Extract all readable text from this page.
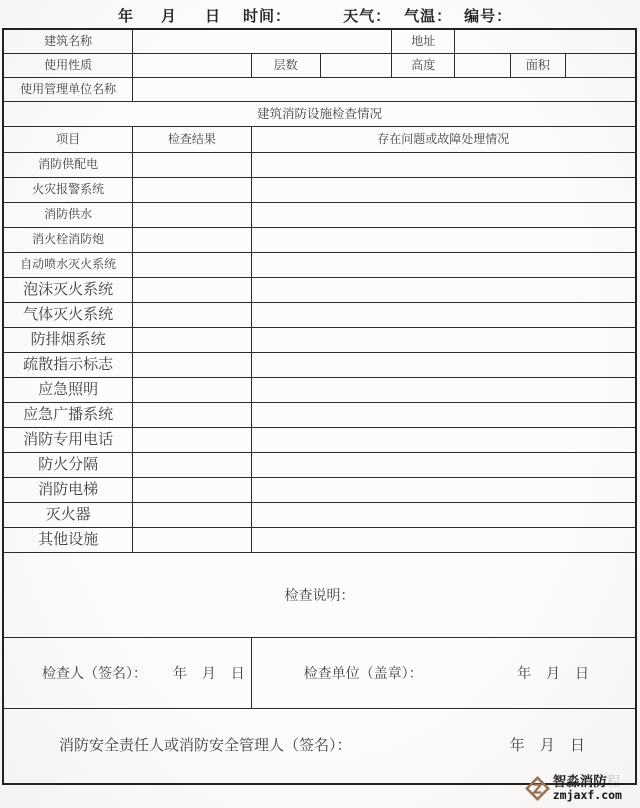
年 月 日 时间：	天气： 气温： 编号：
建筑名称				地址			
使用性质		层数		高度		面积	
使用管理单位名称							
建筑消防设施检查情况							
项目	检查结果	存在问题或故障处理情况					
消防供配电							
火灾报警系统							
消防供水							
消火栓消防炮							
自动喷水灭火系统							
泡沫灭火系统							
气体灭火系统							
防排烟系统							
疏散指示标志							
应急照明							
应急广播系统							
消防专用电话							
防火分隔							
消防电梯							
灭火器							
其他设施							
检查说明：							

检查人（签名）： 年 月 日		检查单位（盖章）： 年 月 日					

消防安全责任人或消防安全管理人（签名）： 年 月 日							
智淼消防程
zmjaxf.com
